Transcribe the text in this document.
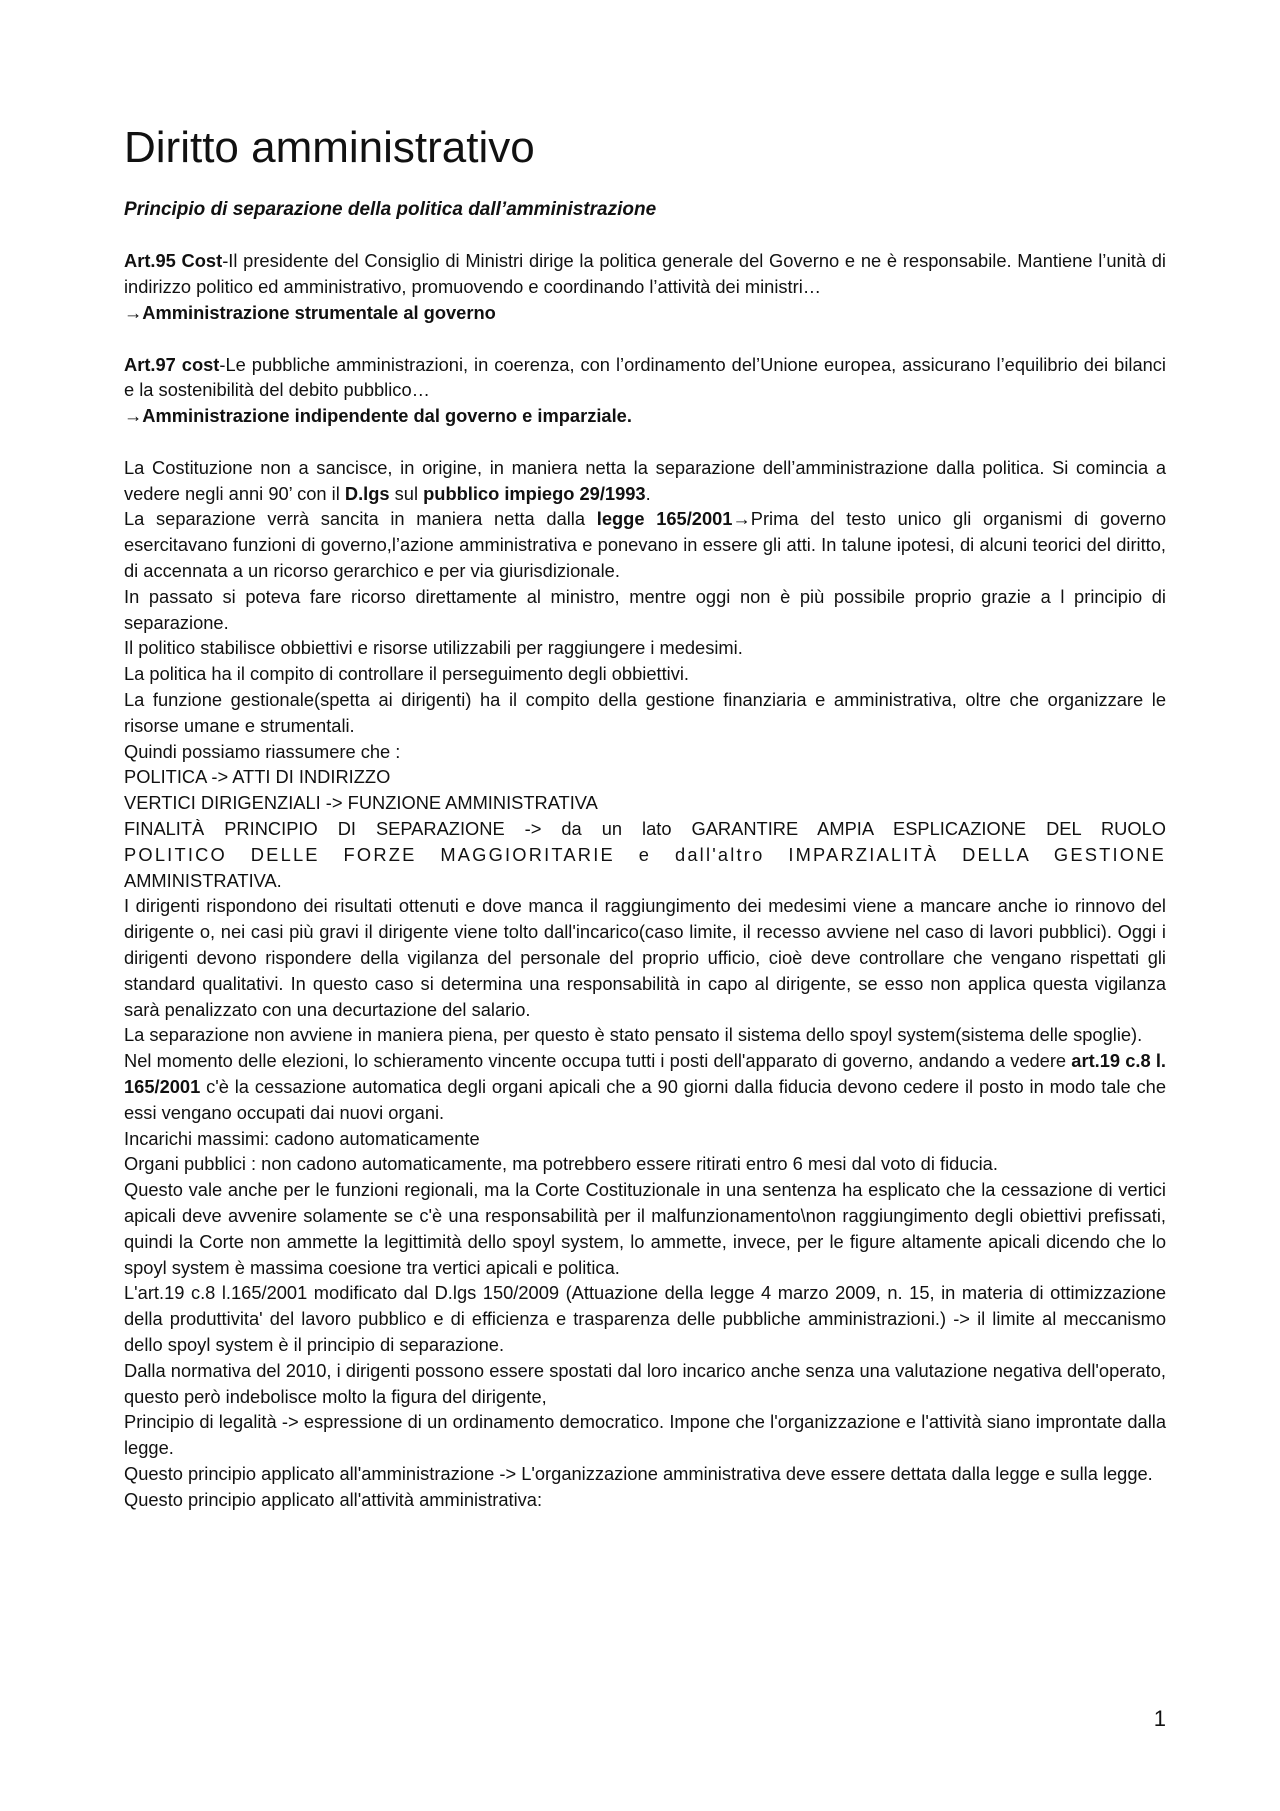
Diritto amministrativo
Principio di separazione della politica dall’amministrazione

Art.95 Cost-Il presidente del Consiglio di Ministri dirige la politica generale del Governo e ne è responsabile. Mantiene l’unità di indirizzo politico ed amministrativo, promuovendo e coordinando l’attività dei ministri…

→Amministrazione strumentale al governo

Art.97 cost-Le pubbliche amministrazioni, in coerenza, con l’ordinamento del’Unione europea, assicurano l’equilibrio dei bilanci e la sostenibilità del debito pubblico…

→Amministrazione indipendente dal governo e imparziale.

La Costituzione non a sancisce, in origine, in maniera netta la separazione dell’amministrazione dalla politica. Si comincia a vedere negli anni 90’ con il D.lgs sul pubblico impiego 29/1993.

La separazione verrà sancita in maniera netta dalla legge 165/2001→Prima del testo unico gli organismi di governo esercitavano funzioni di governo,l’azione amministrativa e ponevano in essere gli atti. In talune ipotesi, di alcuni teorici del diritto, di accennata a un ricorso gerarchico e per via giurisdizionale.

In passato si poteva fare ricorso direttamente al ministro, mentre oggi non è più possibile proprio grazie a l principio di separazione.

Il politico stabilisce obbiettivi e risorse utilizzabili per raggiungere i medesimi.

La politica ha il compito di controllare il perseguimento degli obbiettivi.

La funzione gestionale(spetta ai dirigenti) ha il compito della gestione finanziaria e amministrativa, oltre che organizzare le risorse umane e strumentali.

Quindi possiamo riassumere che :

POLITICA -> ATTI DI INDIRIZZO

VERTICI DIRIGENZIALI -> FUNZIONE AMMINISTRATIVA

FINALITÀ PRINCIPIO DI SEPARAZIONE -> da un lato GARANTIRE AMPIA ESPLICAZIONE DEL RUOLO

POLITICO DELLE FORZE MAGGIORITARIE e dall'altro IMPARZIALITÀ DELLA GESTIONE

AMMINISTRATIVA.

I dirigenti rispondono dei risultati ottenuti e dove manca il raggiungimento dei medesimi viene a mancare anche io rinnovo del dirigente o, nei casi più gravi il dirigente viene tolto dall'incarico(caso limite, il recesso avviene nel caso di lavori pubblici). Oggi i dirigenti devono rispondere della vigilanza del personale del proprio ufficio, cioè deve controllare che vengano rispettati gli standard qualitativi. In questo caso si determina una responsabilità in capo al dirigente, se esso non applica questa vigilanza sarà penalizzato con una decurtazione del salario.

La separazione non avviene in maniera piena, per questo è stato pensato il sistema dello spoyl system(sistema delle spoglie).

Nel momento delle elezioni, lo schieramento vincente occupa tutti i posti dell'apparato di governo, andando a vedere art.19 c.8 l. 165/2001 c'è la cessazione automatica degli organi apicali che a 90 giorni dalla fiducia devono cedere il posto in modo tale che essi vengano occupati dai nuovi organi.

Incarichi massimi: cadono automaticamente

Organi pubblici : non cadono automaticamente, ma potrebbero essere ritirati entro 6 mesi dal voto di fiducia.

Questo vale anche per le funzioni regionali, ma la Corte Costituzionale in una sentenza ha esplicato che la cessazione di vertici apicali deve avvenire solamente se c'è una responsabilità per il malfunzionamento\non raggiungimento degli obiettivi prefissati, quindi la Corte non ammette la legittimità dello spoyl system, lo ammette, invece, per le figure altamente apicali dicendo che lo spoyl system è massima coesione tra vertici apicali e politica.

L'art.19 c.8 l.165/2001 modificato dal D.lgs 150/2009 (Attuazione della legge 4 marzo 2009, n. 15, in materia di ottimizzazione della produttivita' del lavoro pubblico e di efficienza e trasparenza delle pubbliche amministrazioni.) -> il limite al meccanismo dello spoyl system è il principio di separazione.

Dalla normativa del 2010, i dirigenti possono essere spostati dal loro incarico anche senza una valutazione negativa dell'operato, questo però indebolisce molto la figura del dirigente,

Principio di legalità -> espressione di un ordinamento democratico. Impone che l'organizzazione e l'attività siano improntate dalla legge.

Questo principio applicato all'amministrazione -> L'organizzazione amministrativa deve essere dettata dalla legge e sulla legge.

Questo principio applicato all'attività amministrativa:

1
